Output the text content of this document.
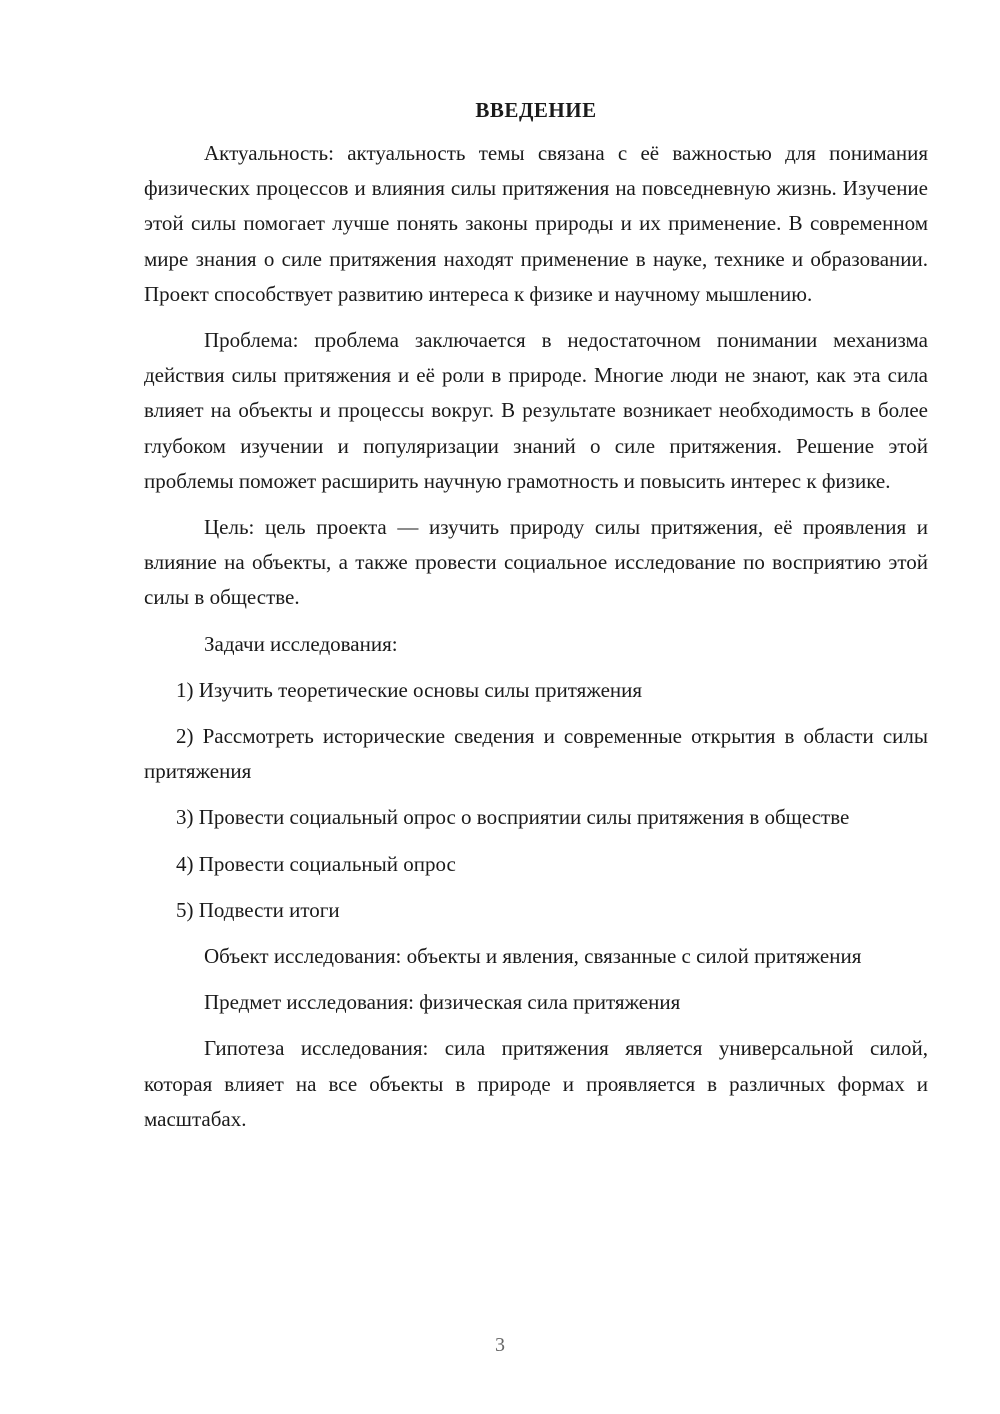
ВВЕДЕНИЕ

Актуальность: актуальность темы связана с её важностью для понимания физических процессов и влияния силы притяжения на повседневную жизнь. Изучение этой силы помогает лучше понять законы природы и их применение. В современном мире знания о силе притяжения находят применение в науке, технике и образовании. Проект способствует развитию интереса к физике и научному мышлению.

Проблема: проблема заключается в недостаточном понимании механизма действия силы притяжения и её роли в природе. Многие люди не знают, как эта сила влияет на объекты и процессы вокруг. В результате возникает необходимость в более глубоком изучении и популяризации знаний о силе притяжения. Решение этой проблемы поможет расширить научную грамотность и повысить интерес к физике.

Цель: цель проекта — изучить природу силы притяжения, её проявления и влияние на объекты, а также провести социальное исследование по восприятию этой силы в обществе.

Задачи исследования:

1) Изучить теоретические основы силы притяжения

2) Рассмотреть исторические сведения и современные открытия в области силы притяжения

3) Провести социальный опрос о восприятии силы притяжения в обществе

4) Провести социальный опрос

5) Подвести итоги

Объект исследования: объекты и явления, связанные с силой притяжения

Предмет исследования: физическая сила притяжения

Гипотеза исследования: сила притяжения является универсальной силой, которая влияет на все объекты в природе и проявляется в различных формах и масштабах.

3
